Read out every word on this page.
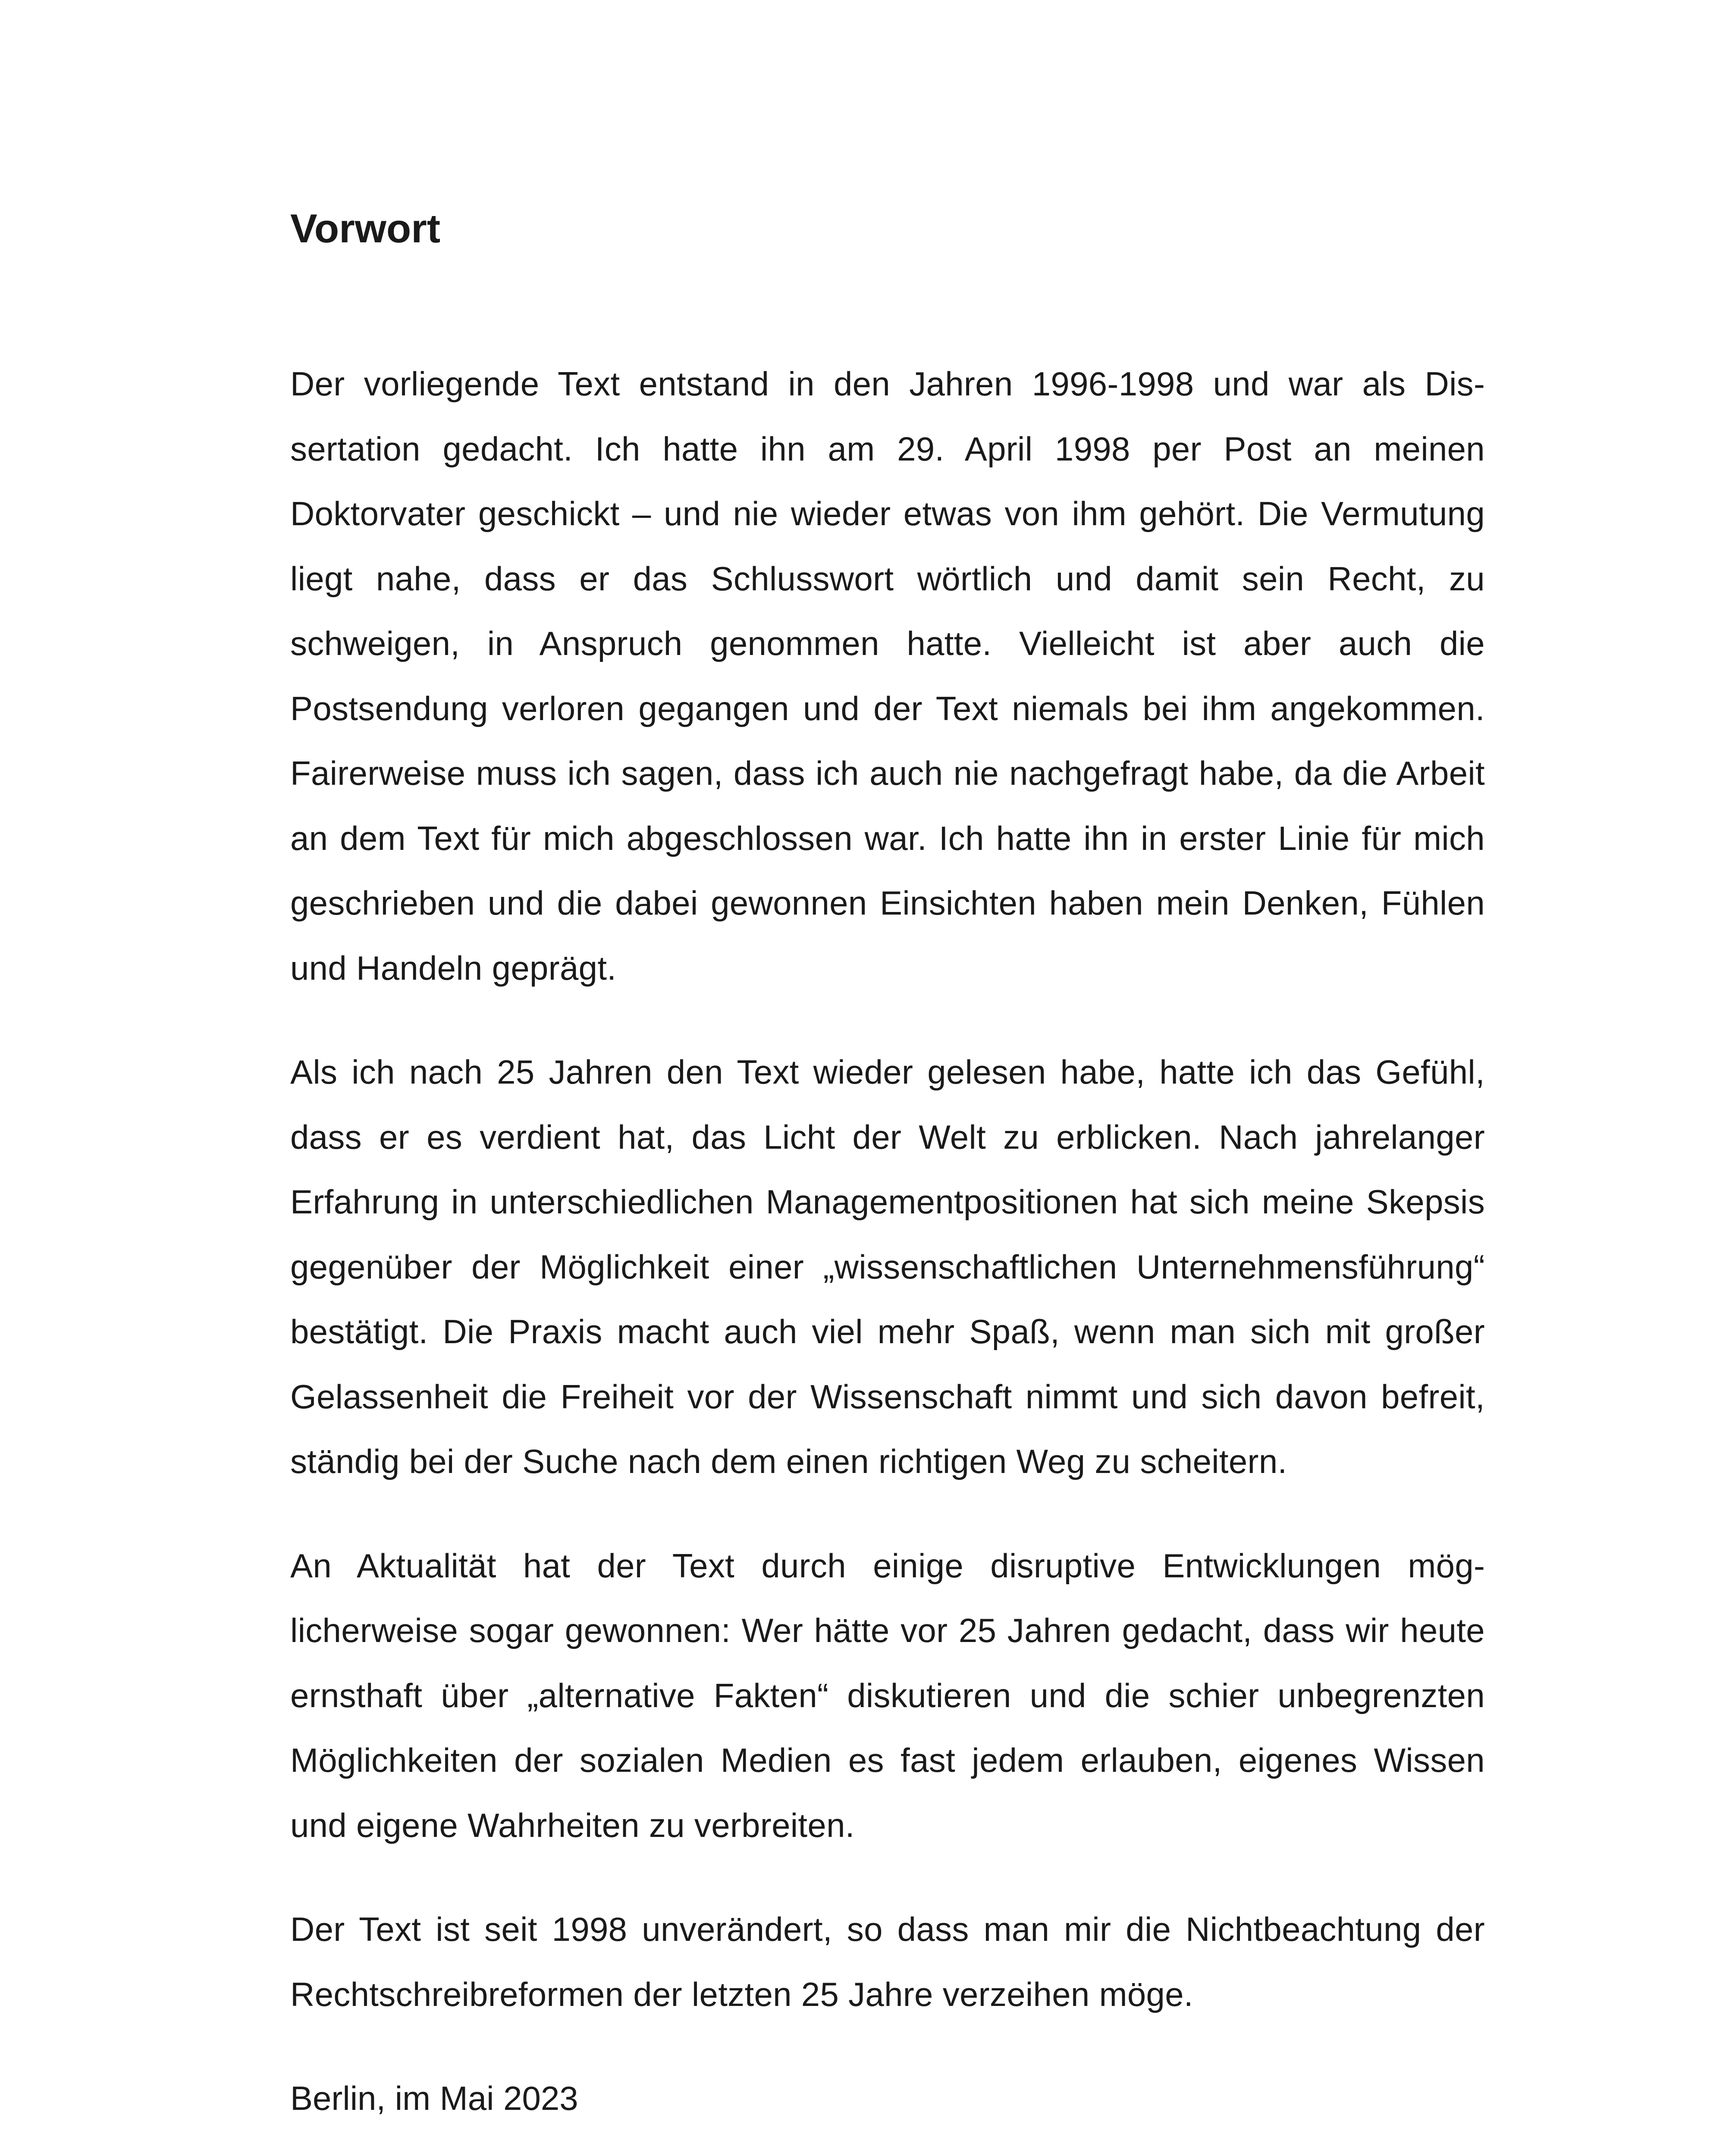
Vorwort

Der vorliegende Text entstand in den Jahren 1996-1998 und war als Dissertation gedacht. Ich hatte ihn am 29. April 1998 per Post an meinen Doktorvater geschickt – und nie wieder etwas von ihm gehört. Die Vermutung liegt nahe, dass er das Schlusswort wörtlich und damit sein Recht, zu schweigen, in Anspruch genommen hatte. Vielleicht ist aber auch die Postsendung verloren gegangen und der Text niemals bei ihm angekommen. Fairerweise muss ich sagen, dass ich auch nie nachgefragt habe, da die Arbeit an dem Text für mich abgeschlossen war. Ich hatte ihn in erster Linie für mich geschrieben und die dabei gewonnen Einsichten haben mein Denken, Fühlen und Handeln geprägt.

Als ich nach 25 Jahren den Text wieder gelesen habe, hatte ich das Gefühl, dass er es verdient hat, das Licht der Welt zu erblicken. Nach jahrelanger Erfahrung in unterschiedlichen Managementpositionen hat sich meine Skepsis gegenüber der Möglichkeit einer „wissenschaftlichen Unternehmensführung“ bestätigt. Die Praxis macht auch viel mehr Spaß, wenn man sich mit großer Gelassenheit die Freiheit vor der Wissenschaft nimmt und sich davon befreit, ständig bei der Suche nach dem einen richtigen Weg zu scheitern.

An Aktualität hat der Text durch einige disruptive Entwicklungen möglicherweise sogar gewonnen: Wer hätte vor 25 Jahren gedacht, dass wir heute ernsthaft über „alternative Fakten“ diskutieren und die schier unbegrenzten Möglichkeiten der sozialen Medien es fast jedem erlauben, eigenes Wissen und eigene Wahrheiten zu verbreiten.

Der Text ist seit 1998 unverändert, so dass man mir die Nichtbeachtung der Rechtschreibreformen der letzten 25 Jahre verzeihen möge.

Berlin, im Mai 2023
